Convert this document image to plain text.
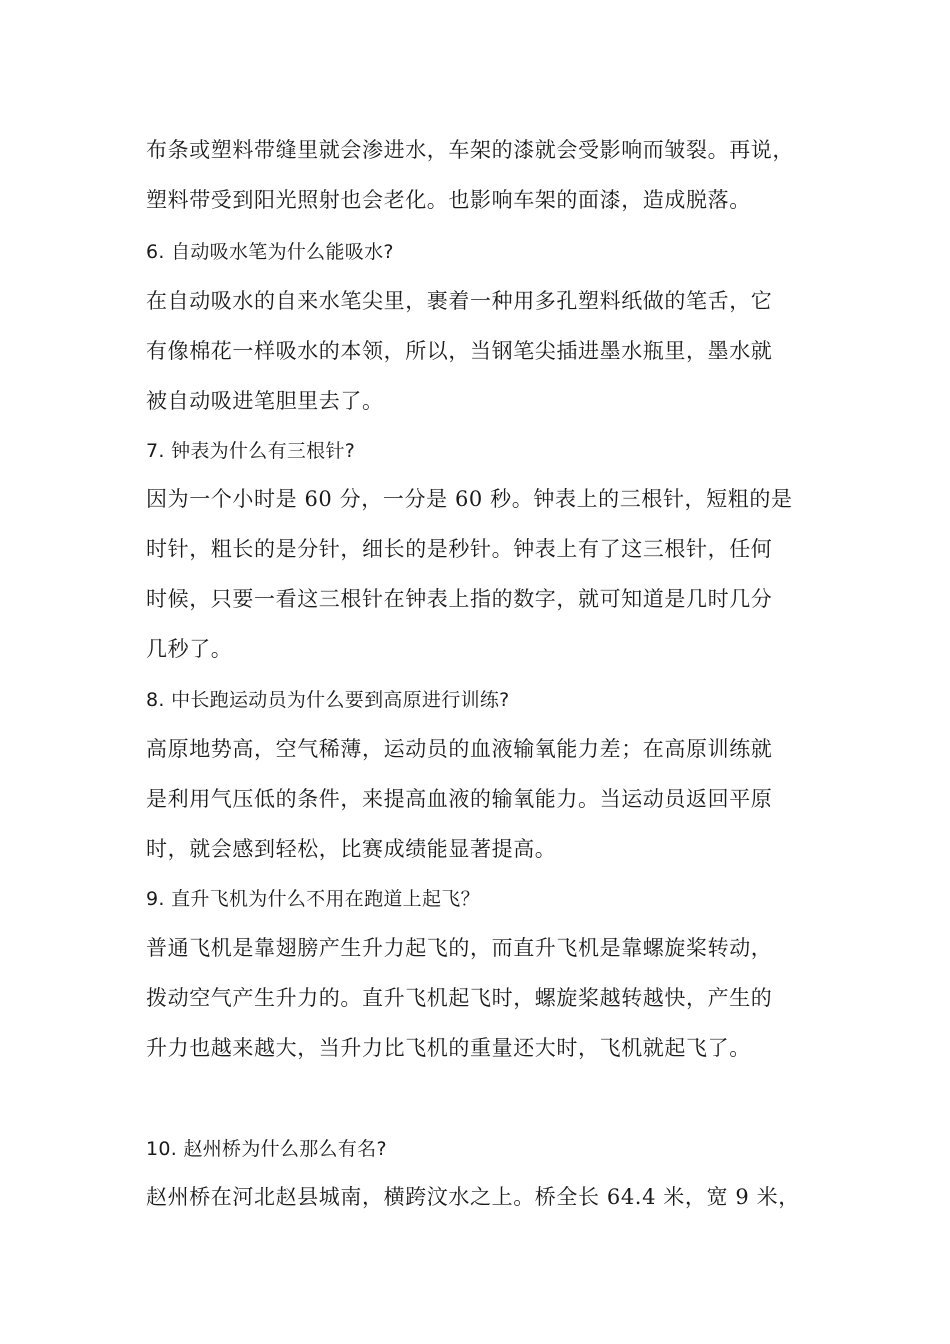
布条或塑料带缝里就会渗进水，车架的漆就会受影响而皱裂。再说，
塑料带受到阳光照射也会老化。也影响车架的面漆，造成脱落。
6. 自动吸水笔为什么能吸水?
在自动吸水的自来水笔尖里，裹着一种用多孔塑料纸做的笔舌，它
有像棉花一样吸水的本领，所以，当钢笔尖插进墨水瓶里，墨水就
被自动吸进笔胆里去了。
7. 钟表为什么有三根针?
因为一个小时是 60 分，一分是 60 秒。钟表上的三根针，短粗的是
时针，粗长的是分针，细长的是秒针。钟表上有了这三根针，任何
时候，只要一看这三根针在钟表上指的数字，就可知道是几时几分
几秒了。
8. 中长跑运动员为什么要到高原进行训练?
高原地势高，空气稀薄，运动员的血液输氧能力差；在高原训练就
是利用气压低的条件，来提高血液的输氧能力。当运动员返回平原
时，就会感到轻松，比赛成绩能显著提高。
9. 直升飞机为什么不用在跑道上起飞？
普通飞机是靠翅膀产生升力起飞的，而直升飞机是靠螺旋桨转动，
拨动空气产生升力的。直升飞机起飞时，螺旋桨越转越快，产生的
升力也越来越大，当升力比飞机的重量还大时，飞机就起飞了。
10. 赵州桥为什么那么有名?
赵州桥在河北赵县城南，横跨汶水之上。桥全长 64.4 米，宽 9 米，
